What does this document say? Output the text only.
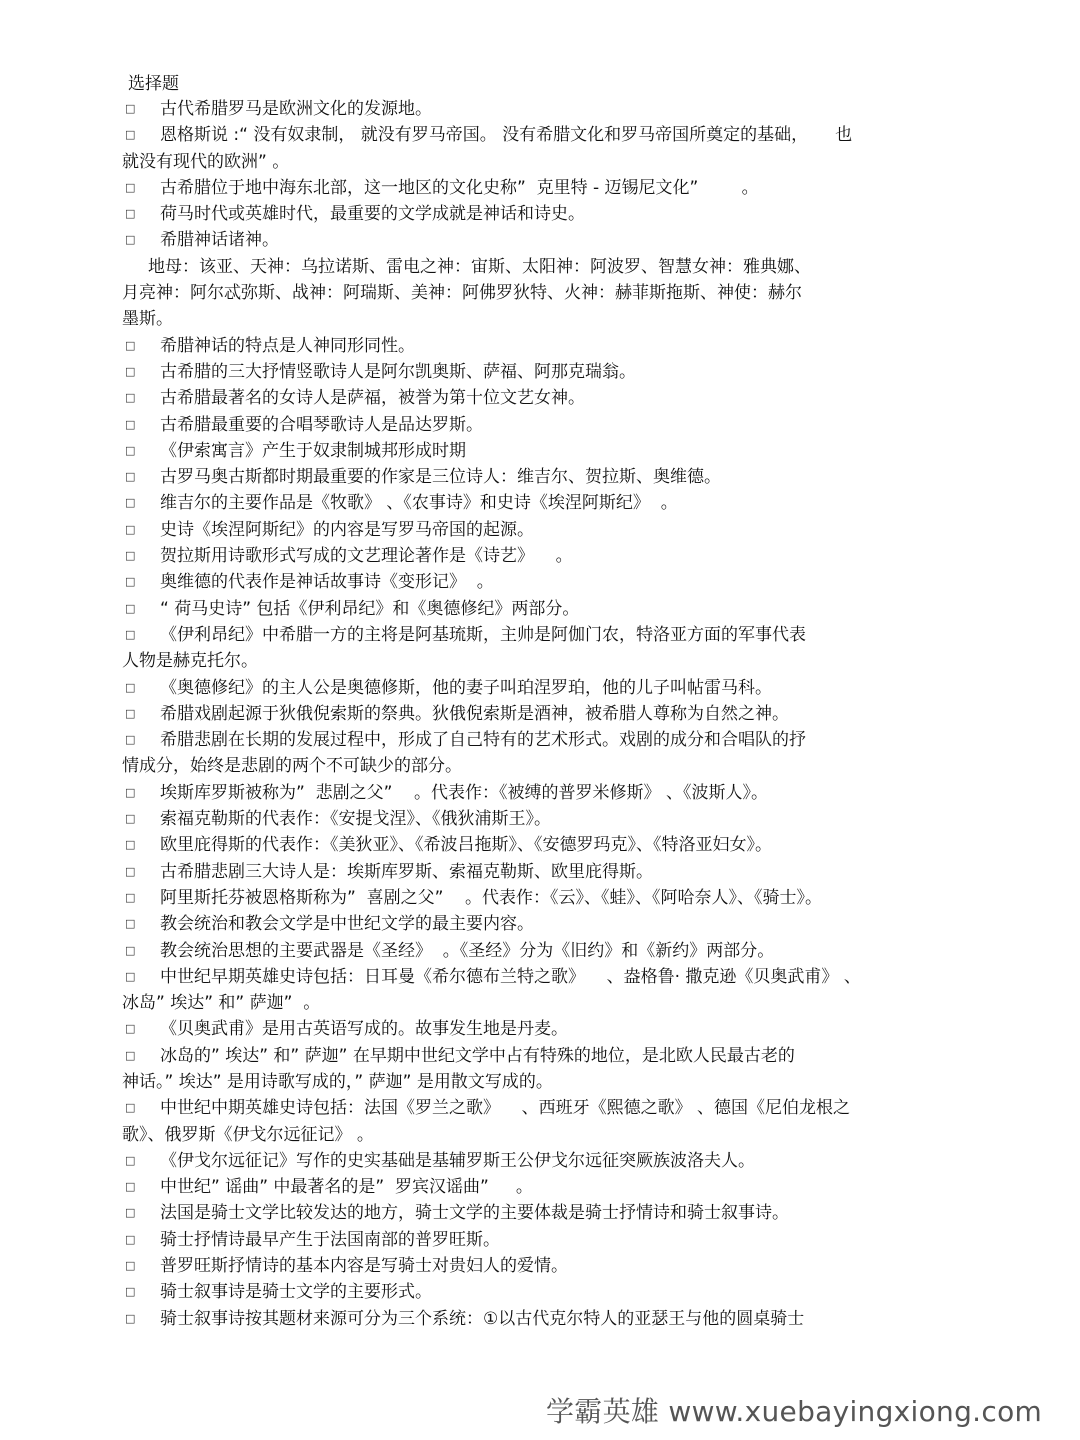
选择题
□ 古代希腊罗马是欧洲文化的发源地。
□ 恩格斯说 :“ 没有奴隶制， 就没有罗马帝国。 没有希腊文化和罗马帝国所奠定的基础，     也
就没有现代的欧洲” 。
□ 古希腊位于地中海东北部，这一地区的文化史称”  克里特 - 迈锡尼文化”        。
□ 荷马时代或英雄时代，最重要的文学成就是神话和诗史。
□ 希腊神话诸神。
地母：该亚、天神：乌拉诺斯、雷电之神：宙斯、太阳神：阿波罗、智慧女神：雅典娜、
月亮神：阿尔忒弥斯、战神：阿瑞斯、美神：阿佛罗狄特、火神：赫菲斯拖斯、神使：赫尔
墨斯。
□ 希腊神话的特点是人神同形同性。
□ 古希腊的三大抒情竖歌诗人是阿尔凯奥斯、萨福、阿那克瑞翁。
□ 古希腊最著名的女诗人是萨福，被誉为第十位文艺女神。
□ 古希腊最重要的合唱琴歌诗人是品达罗斯。
□ 《伊索寓言》产生于奴隶制城邦形成时期
□ 古罗马奥古斯都时期最重要的作家是三位诗人：维吉尔、贺拉斯、奥维德。
□ 维吉尔的主要作品是《牧歌》 、《农事诗》和史诗《埃涅阿斯纪》  。
□ 史诗《埃涅阿斯纪》的内容是写罗马帝国的起源。
□ 贺拉斯用诗歌形式写成的文艺理论著作是《诗艺》    。
□ 奥维德的代表作是神话故事诗《变形记》  。
□ “ 荷马史诗” 包括《伊利昂纪》和《奥德修纪》两部分。
□ 《伊利昂纪》中希腊一方的主将是阿基琉斯，主帅是阿伽门农，特洛亚方面的军事代表
人物是赫克托尔。
□ 《奥德修纪》的主人公是奥德修斯，他的妻子叫珀涅罗珀，他的儿子叫帖雷马科。
□ 希腊戏剧起源于狄俄倪索斯的祭典。狄俄倪索斯是酒神，被希腊人尊称为自然之神。
□ 希腊悲剧在长期的发展过程中，形成了自己特有的艺术形式。戏剧的成分和合唱队的抒
情成分，始终是悲剧的两个不可缺少的部分。
□ 埃斯库罗斯被称为”  悲剧之父”    。代表作：《被缚的普罗米修斯》 、《波斯人》。
□ 索福克勒斯的代表作：《安提戈涅》、《俄狄浦斯王》。
□ 欧里庇得斯的代表作：《美狄亚》、《希波吕拖斯》、《安德罗玛克》、《特洛亚妇女》。
□ 古希腊悲剧三大诗人是：埃斯库罗斯、索福克勒斯、欧里庇得斯。
□ 阿里斯托芬被恩格斯称为”  喜剧之父”    。代表作：《云》、《蛙》、《阿哈奈人》、《骑士》。
□ 教会统治和教会文学是中世纪文学的最主要内容。
□ 教会统治思想的主要武器是《圣经》  。《圣经》分为《旧约》和《新约》两部分。
□ 中世纪早期英雄史诗包括：日耳曼《希尔德布兰特之歌》    、盎格鲁· 撒克逊《贝奥武甫》 、
冰岛” 埃达” 和” 萨迦”  。
□ 《贝奥武甫》是用古英语写成的。故事发生地是丹麦。
□ 冰岛的” 埃达” 和” 萨迦” 在早期中世纪文学中占有特殊的地位，是北欧人民最古老的
神话。” 埃达” 是用诗歌写成的，” 萨迦” 是用散文写成的。
□ 中世纪中期英雄史诗包括：法国《罗兰之歌》    、西班牙《熙德之歌》 、德国《尼伯龙根之
歌》、俄罗斯《伊戈尔远征记》 。
□ 《伊戈尔远征记》写作的史实基础是基辅罗斯王公伊戈尔远征突厥族波洛夫人。
□ 中世纪” 谣曲” 中最著名的是”  罗宾汉谣曲”     。
□ 法国是骑士文学比较发达的地方，骑士文学的主要体裁是骑士抒情诗和骑士叙事诗。
□ 骑士抒情诗最早产生于法国南部的普罗旺斯。
□ 普罗旺斯抒情诗的基本内容是写骑士对贵妇人的爱情。
□ 骑士叙事诗是骑士文学的主要形式。
□ 骑士叙事诗按其题材来源可分为三个系统：①以古代克尔特人的亚瑟王与他的圆桌骑士
学霸英雄 www.xuebayingxiong.com
